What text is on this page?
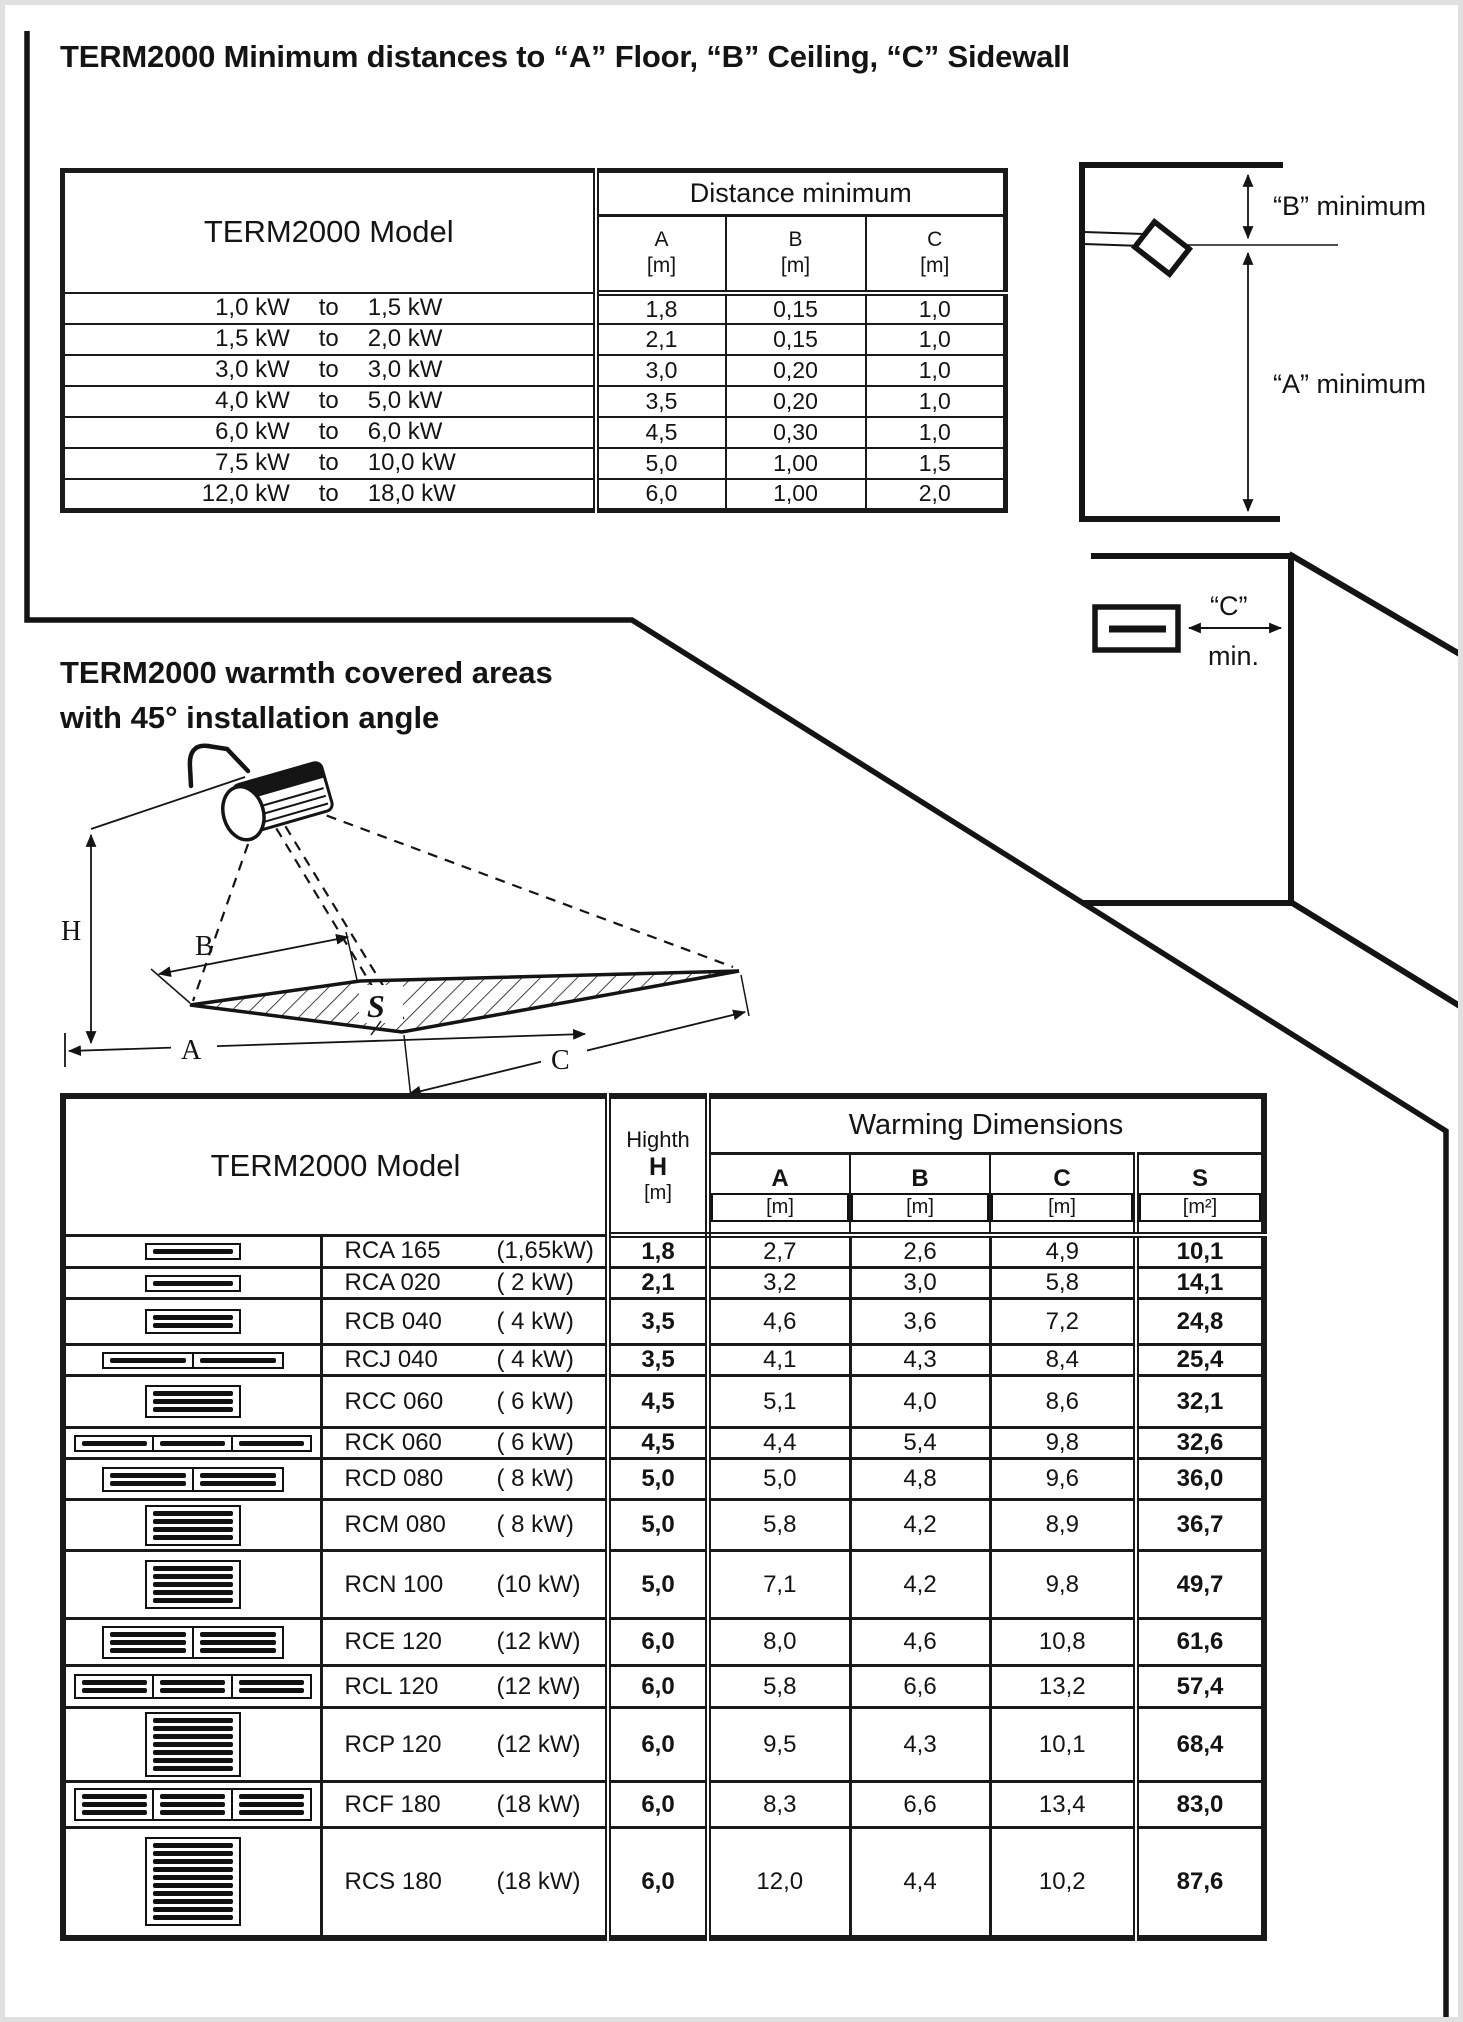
“B” minimum
“A” minimum
“C”
min.
H	B
A	C
S
TERM2000 Minimum distances to “A” Floor, “B” Ceiling, “C” Sidewall
TERM2000 Model	Distance minimum		

A
[m]

B
[m]

C
[m]

1,0 kW to 1,5 kW	1,8	0,15	1,0
1,5 kW to 2,0 kW	2,1	0,15	1,0
3,0 kW to 3,0 kW	3,0	0,20	1,0
4,0 kW to 5,0 kW	3,5	0,20	1,0
6,0 kW to 6,0 kW	4,5	0,30	1,0
7,5 kW to 10,0 kW	5,0	1,00	1,5
12,0 kW to 18,0 kW	6,0	1,00	2,0
TERM2000 warmth covered areas
with 45° installation angle
TERM2000 Model		Highth
H
[m]	Warming Dimensions			

A
[m]

B
[m]

C
[m]

S
[m²]

	RCA 165 (1,65kW)	1,8	2,7	2,6	4,9	10,1

	RCA 020 ( 2 kW)	2,1	3,2	3,0	5,8	14,1

	RCB 040 ( 4 kW)	3,5	4,6	3,6	7,2	24,8

	RCJ 040 ( 4 kW)	3,5	4,1	4,3	8,4	25,4

	RCC 060 ( 6 kW)	4,5	5,1	4,0	8,6	32,1

	RCK 060 ( 6 kW)	4,5	4,4	5,4	9,8	32,6

	RCD 080 ( 8 kW)	5,0	5,0	4,8	9,6	36,0

	RCM 080 ( 8 kW)	5,0	5,8	4,2	8,9	36,7

	RCN 100 (10 kW)	5,0	7,1	4,2	9,8	49,7

	RCE 120 (12 kW)	6,0	8,0	4,6	10,8	61,6

	RCL 120 (12 kW)	6,0	5,8	6,6	13,2	57,4

	RCP 120 (12 kW)	6,0	9,5	4,3	10,1	68,4

	RCF 180 (18 kW)	6,0	8,3	6,6	13,4	83,0

	RCS 180 (18 kW)	6,0	12,0	4,4	10,2	87,6
